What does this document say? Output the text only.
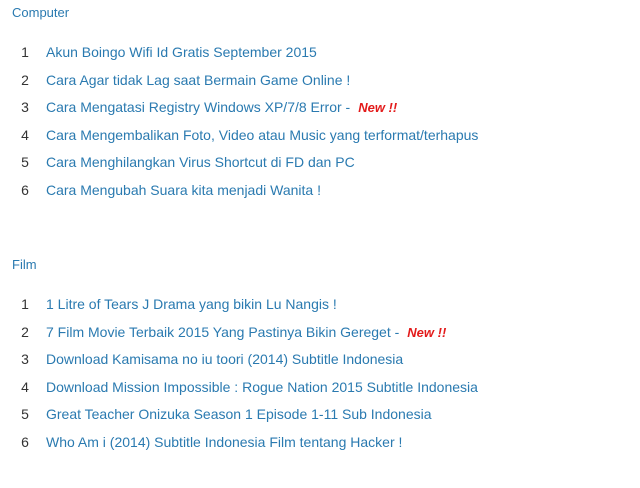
Computer
1 Akun Boingo Wifi Id Gratis September 2015
2 Cara Agar tidak Lag saat Bermain Game Online !
3 Cara Mengatasi Registry Windows XP/7/8 Error - New !!
4 Cara Mengembalikan Foto, Video atau Music yang terformat/terhapus
5 Cara Menghilangkan Virus Shortcut di FD dan PC
6 Cara Mengubah Suara kita menjadi Wanita !
Film
1 1 Litre of Tears J Drama yang bikin Lu Nangis !
2 7 Film Movie Terbaik 2015 Yang Pastinya Bikin Gereget - New !!
3 Download Kamisama no iu toori (2014) Subtitle Indonesia
4 Download Mission Impossible : Rogue Nation 2015 Subtitle Indonesia
5 Great Teacher Onizuka Season 1 Episode 1-11 Sub Indonesia
6 Who Am i (2014) Subtitle Indonesia Film tentang Hacker !
